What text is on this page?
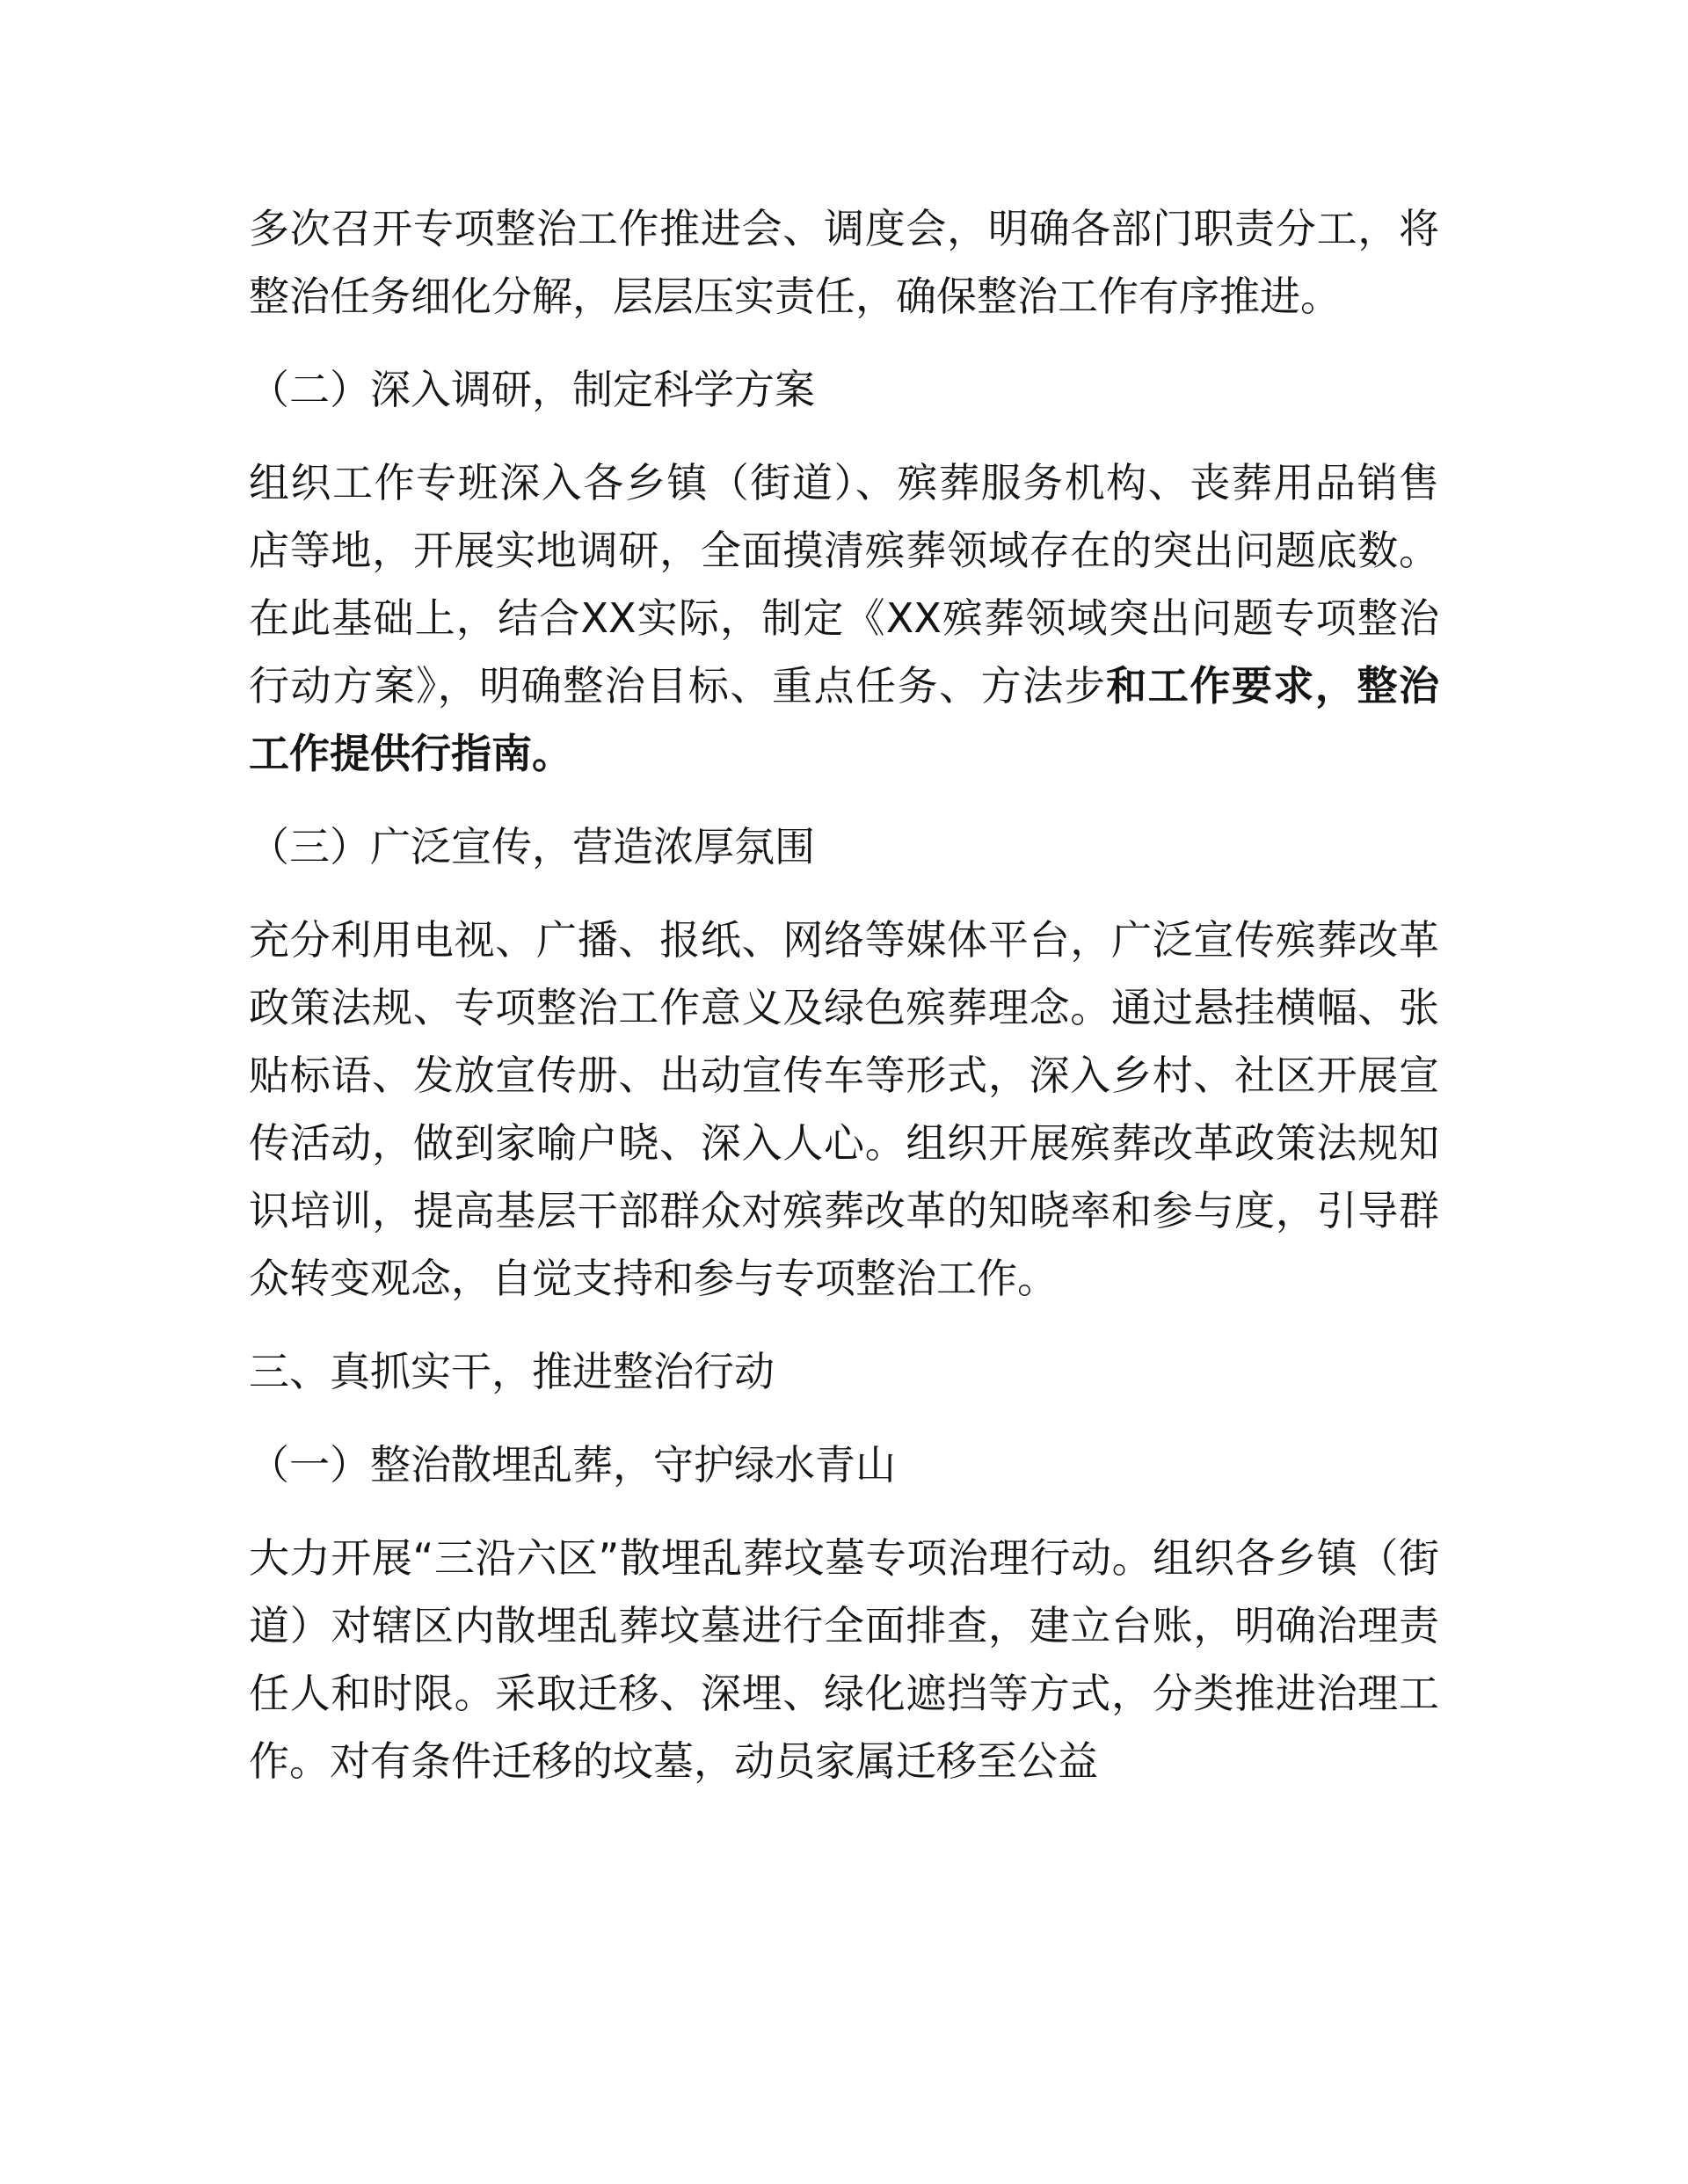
多次召开专项整治工作推进会、调度会，明确各部门职责分工，将整治任务细化分解，层层压实责任，确保整治工作有序推进。

（二）深入调研，制定科学方案

组织工作专班深入各乡镇（街道）、殡葬服务机构、丧葬用品销售店等地，开展实地调研，全面摸清殡葬领域存在的突出问题底数。在此基础上，结合XX实际，制定《XX殡葬领域突出问题专项整治行动方案》，明确整治目标、重点任务、方法步和工作要求，整治工作提供行指南。

（三）广泛宣传，营造浓厚氛围

充分利用电视、广播、报纸、网络等媒体平台，广泛宣传殡葬改革政策法规、专项整治工作意义及绿色殡葬理念。通过悬挂横幅、张贴标语、发放宣传册、出动宣传车等形式，深入乡村、社区开展宣传活动，做到家喻户晓、深入人心。组织开展殡葬改革政策法规知识培训，提高基层干部群众对殡葬改革的知晓率和参与度，引导群众转变观念，自觉支持和参与专项整治工作。

三、真抓实干，推进整治行动

（一）整治散埋乱葬，守护绿水青山

大力开展“三沿六区”散埋乱葬坟墓专项治理行动。组织各乡镇（街道）对辖区内散埋乱葬坟墓进行全面排查，建立台账，明确治理责任人和时限。采取迁移、深埋、绿化遮挡等方式，分类推进治理工作。对有条件迁移的坟墓，动员家属迁移至公益
